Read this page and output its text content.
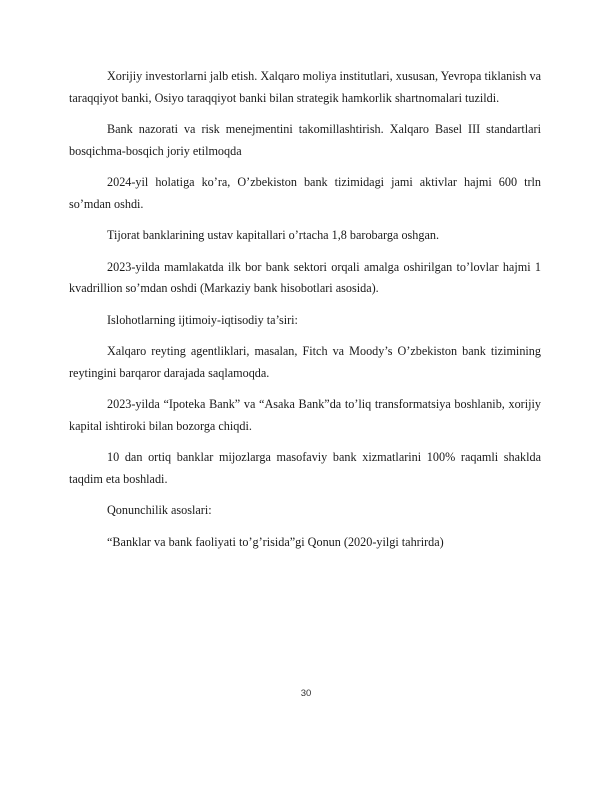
Xorijiy investorlarni jalb etish. Xalqaro moliya institutlari, xususan, Yevropa tiklanish va taraqqiyot banki, Osiyo taraqqiyot banki bilan strategik hamkorlik shartnomalari tuzildi.

Bank nazorati va risk menejmentini takomillashtirish. Xalqaro Basel III standartlari bosqichma-bosqich joriy etilmoqda

2024-yil holatiga ko’ra, O’zbekiston bank tizimidagi jami aktivlar hajmi 600 trln so’mdan oshdi.

Tijorat banklarining ustav kapitallari o’rtacha 1,8 barobarga oshgan.

2023-yilda mamlakatda ilk bor bank sektori orqali amalga oshirilgan to’lovlar hajmi 1 kvadrillion so’mdan oshdi (Markaziy bank hisobotlari asosida).

Islohotlarning ijtimoiy-iqtisodiy ta’siri:

Xalqaro reyting agentliklari, masalan, Fitch va Moody’s O’zbekiston bank tizimining reytingini barqaror darajada saqlamoqda.

2023-yilda “Ipoteka Bank” va “Asaka Bank”da to’liq transformatsiya boshlanib, xorijiy kapital ishtiroki bilan bozorga chiqdi.

10 dan ortiq banklar mijozlarga masofaviy bank xizmatlarini 100% raqamli shaklda taqdim eta boshladi.

Qonunchilik asoslari:

“Banklar va bank faoliyati to’g’risida”gi Qonun (2020-yilgi tahrirda)

30
